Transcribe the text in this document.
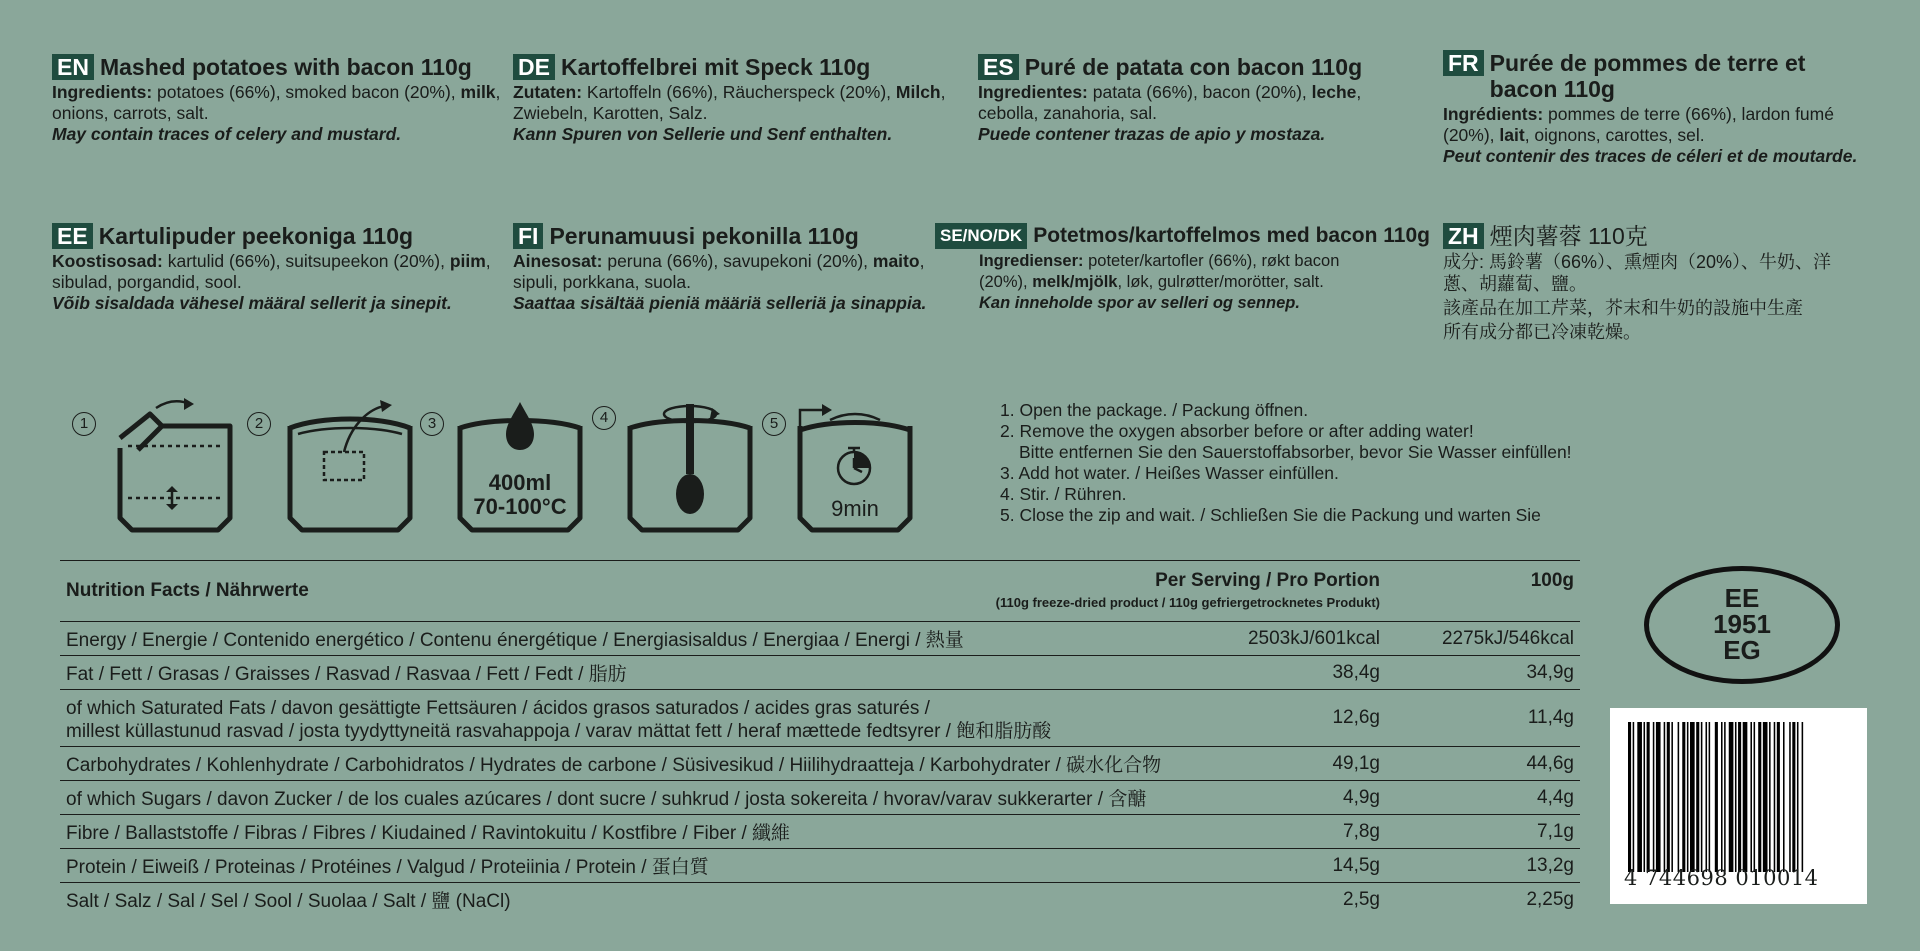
EN Mashed potatoes with bacon 110g
Ingredients: potatoes (66%), smoked bacon (20%), milk, onions, carrots, salt.
May contain traces of celery and mustard.
DE Kartoffelbrei mit Speck 110g
Zutaten: Kartoffeln (66%), Räucherspeck (20%), Milch, Zwiebeln, Karotten, Salz.
Kann Spuren von Sellerie und Senf enthalten.
ES Puré de patata con bacon 110g
Ingredientes: patata (66%), bacon (20%), leche, cebolla, zanahoria, sal.
Puede contener trazas de apio y mostaza.
FR Purée de pommes de terre et bacon 110g
Ingrédients: pommes de terre (66%), lardon fumé (20%), lait, oignons, carottes, sel.
Peut contenir des traces de céleri et de moutarde.
EE Kartulipuder peekoniga 110g
Koostisosad: kartulid (66%), suitsupeekon (20%), piim, sibulad, porgandid, sool.
Võib sisaldada vähesel määral sellerit ja sinepit.
FI Perunamuusi pekonilla 110g
Ainesosat: peruna (66%), savupekoni (20%), maito, sipuli, porkkana, suola.
Saattaa sisältää pieniä määriä selleriä ja sinappia.
SE/NO/DK Potetmos/kartoffelmos med bacon 110g
Ingredienser: poteter/kartofler (66%), røkt bacon (20%), melk/mjölk, løk, gulrøtter/morötter, salt.
Kan inneholde spor av selleri og sennep.
ZH 煙肉薯蓉 110克
成分: 馬鈴薯（66%）、熏煙肉（20%）、牛奶、洋蔥、胡蘿蔔、鹽。
該產品在加工芹菜，芥末和牛奶的設施中生產
所有成分都已冷凍乾燥。
1	2	3
400ml
70-100°C
4	5
9min
1. Open the package. / Packung öffnen.
2. Remove the oxygen absorber before or after adding water!
Bitte entfernen Sie den Sauerstoffabsorber, bevor Sie Wasser einfüllen!
3. Add hot water. / Heißes Wasser einfüllen.
4. Stir. / Rühren.
5. Close the zip and wait. / Schließen Sie die Packung und warten Sie
Nutrition Facts / Nährwerte	Per Serving / Pro Portion
(110g freeze-dried product / 110g gefriergetrocknetes Produkt)
100g
Energy / Energie / Contenido energético / Contenu énergétique / Energiasisaldus / Energiaa / Energi / 熱量	2503kJ/601kcal	2275kJ/546kcal
Fat / Fett / Grasas / Graisses / Rasvad / Rasvaa / Fett / Fedt / 脂肪	38,4g	34,9g
of which Saturated Fats / davon gesättigte Fettsäuren / ácidos grasos saturados / acides gras saturés /
millest küllastunud rasvad / josta tyydyttyneitä rasvahappoja / varav mättat fett / heraf mættede fedtsyrer / 飽和脂肪酸
12,6g	11,4g
Carbohydrates / Kohlenhydrate / Carbohidratos / Hydrates de carbone / Süsivesikud / Hiilihydraatteja / Karbohydrater / 碳水化合物	49,1g	44,6g
of which Sugars / davon Zucker / de los cuales azúcares / dont sucre / suhkrud / josta sokereita / hvorav/varav sukkerarter / 含醣	4,9g	4,4g
Fibre / Ballaststoffe / Fibras / Fibres / Kiudained / Ravintokuitu / Kostfibre / Fiber / 纖維	7,8g	7,1g
Protein / Eiweiß / Proteinas / Protéines / Valgud / Proteiinia / Protein / 蛋白質	14,5g	13,2g
Salt / Salz / Sal / Sel / Sool / Suolaa / Salt / 鹽 (NaCl)	2,5g	2,25g
EE
1951
EG
4 744698 010014
